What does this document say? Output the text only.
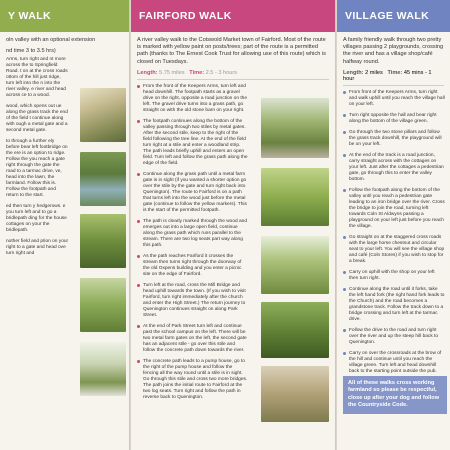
Y WALK
oln valley with an optional extension
nd time 3 to 3.5 hrs)
Arms, turn right and nt more across the to Springfield Road. t on at the cross roads ottom of the hill just ridge, turn left into the n into the river valley. e river and head across ce to a wood.
wood, which opens out ue along the grass track the end of the field t continue along with ough a metal gate and a second metal gate.
to through a further ely before bear left footbridge on the ere is an option to ridge. Follow the you reach a gate right through the gate the road to a tarmac drive, ve, head into the lawn, the farmland. Follow this is. Follow the footpath and return to the start.
ed then turn y hedgerows. e you turn left and to go a bridlepath ding for the house cottages on your the bridlepath.
nother field and ption on your right to a gate and head ove turn right and
FAIRFORD WALK
A river valley walk to the Cotswold Market town of Fairford. Most of the route is marked with yellow paint on posts/trees; part of the route is a permitted path (thanks to The Ernest Cook Trust for allowing use of this route) which is closed on Tuesdays.
Length: 5.75 miles Time: 2.5 - 3 hours
From the front of the Keepers Arms, turn left and head downhill. The footpath starts as a gravel drive on the right, opposite a road junction on the left. The gravel drive turns into a grass path, go straight on with the old stone barn on your right.
The footpath continues along the bottom of the valley passing through two stiles by metal gates. After the second stile, keep to the right of the field following the tree line. At the end of the field turn right at a stile and enter a woodland strip. The path leads briefly uphill and enters an open field. Turn left and follow the grass path along the edge of the field.
Continue along the grass path until a metal farm gate is in sight (if you wanted a shorter option go over the stile by the gate and turn right back into Quenington). The route to Fairford is on a path that turns left into the wood just before the metal gate (continue to follow the yellow markers). This is the start of the permitted footpath.
The path is clearly marked through the wood and emerges out into a large open field, continue along the grass path which runs parallel to the stream. There are two log seats part way along this path.
As the path reaches Fairford it crosses the stream then turns right through the doorway of the old Oxpens building and you enter a picnic site on the edge of Fairford.
Turn left at the road, cross the Mill Bridge and head uphill towards the town. (If you wish to visit Fairford, turn right immediately after the church and enter the High Street.) The return journey to Quenington continues straight on along Park Street.
At the end of Park Street turn left and continue past the school campus on the left. There will be two metal farm gates on the left, the second gate has an adjacent stile - go over this stile and follow the concrete path down towards the river.
The concrete path leads to a pump house, go to the right of the pump house and follow the fencing all the way round until a stile is in sight. Go through this stile and cross two more bridges. The path joins the initial route to Fairford at the two log seats. Turn right and follow the path in reverse back to Quenington.
VILLAGE WALK
A family friendly walk through two pretty villages passing 2 playgrounds, crossing the river and has a village shop/café halfway round.
Length: 2 miles Time: 45 mins - 1 hour
From front of the Keepers Arms, turn right and walk uphill until you reach the village hall on your left.
Turn right opposite the hall and bear right along the bottom of the village green.
Go through the two stone pillars and follow the grass track downhill, the playground will be on your left.
At the end of the track is a road junction, carry straight across with the cottages on your left. Just after the cottages a pedestrian gate, go through this to enter the valley bottom.
Follow the footpath along the bottom of the valley until you reach a pedestrian gate leading to an iron bridge over the river. Cross the bridge to join the road, turning left towards Coln St Aldwyns passing a playground on your left just before you reach the village.
Go straight on at the staggered cross roads with the large horse chestnut and circular seat to your left. You will see the village shop and café (Coln Stores) if you wish to stop for a break.
Carry on uphill with the shop on your left then turn right.
Continue along the road until it forks, take the left hand fork (the right hand fork leads to the Church) and the road becomes a grandstone track. Follow the track down to a bridge crossing and turn left at the tarmac drive.
Follow the drive to the road and turn right over the river and up the steep hill back to Quenington.
Carry on over the crossroads at the brow of the hill and continue until you reach the village green. Turn left and head downhill back to the starting point outside the pub.
All of these walks cross working farmland so please be respectful, close up after your dog and follow the Countryside Code.
